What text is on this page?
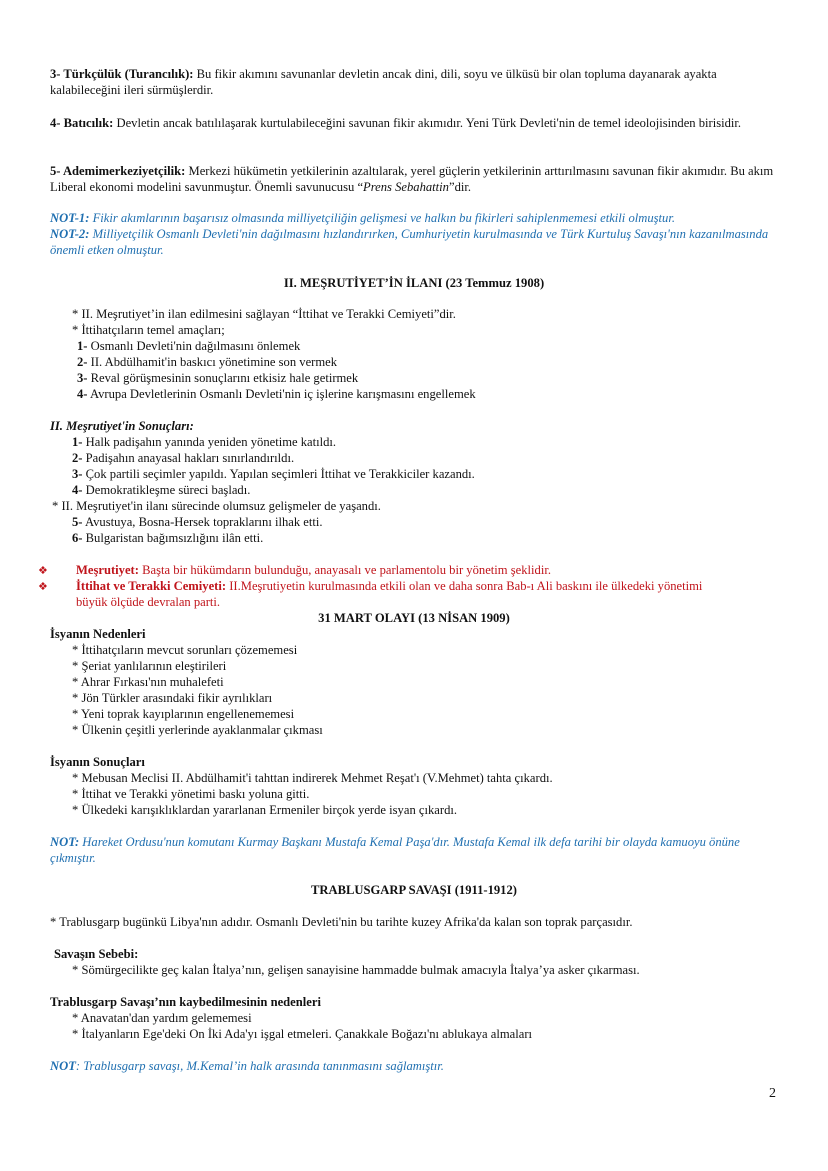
3- Türkçülük (Turancılık): Bu fikir akımını savunanlar devletin ancak dini, dili, soyu ve ülküsü bir olan topluma dayanarak ayakta kalabileceğini ileri sürmüşlerdir.

4- Batıcılık: Devletin ancak batılılaşarak kurtulabileceğini savunan fikir akımıdır. Yeni Türk Devleti'nin de temel ideolojisinden birisidir.

5- Ademimerkeziyetçilik: Merkezi hükümetin yetkilerinin azaltılarak, yerel güçlerin yetkilerinin arttırılmasını savunan fikir akımıdır. Bu akım Liberal ekonomi modelini savunmuştur. Önemli savunucusu “Prens Sebahattin”dir.

NOT-1: Fikir akımlarının başarısız olmasında milliyetçiliğin gelişmesi ve halkın bu fikirleri sahiplenmemesi etkili olmuştur.

NOT-2: Milliyetçilik Osmanlı Devleti'nin dağılmasını hızlandırırken, Cumhuriyetin kurulmasında ve Türk Kurtuluş Savaşı'nın kazanılmasında önemli etken olmuştur.

II. MEŞRUTİYET’İN İLANI (23 Temmuz 1908)
* II. Meşrutiyet’in ilan edilmesini sağlayan “İttihat ve Terakki Cemiyeti”dir.
* İttihatçıların temel amaçları;
1- Osmanlı Devleti'nin dağılmasını önlemek
2- II. Abdülhamit'in baskıcı yönetimine son vermek
3- Reval görüşmesinin sonuçlarını etkisiz hale getirmek
4- Avrupa Devletlerinin Osmanlı Devleti'nin iç işlerine karışmasını engellemek
II. Meşrutiyet'in Sonuçları:
1- Halk padişahın yanında yeniden yönetime katıldı.
2- Padişahın anayasal hakları sınırlandırıldı.
3- Çok partili seçimler yapıldı. Yapılan seçimleri İttihat ve Terakkiciler kazandı.
4- Demokratikleşme süreci başladı.
* II. Meşrutiyet'in ilanı sürecinde olumsuz gelişmeler de yaşandı.
5- Avustuya, Bosna-Hersek topraklarını ilhak etti.
6- Bulgaristan bağımsızlığını ilân etti.
❖ Meşrutiyet: Başta bir hükümdarın bulunduğu, anayasalı ve parlamentolu bir yönetim şeklidir.
❖ İttihat ve Terakki Cemiyeti: II.Meşrutiyetin kurulmasında etkili olan ve daha sonra Bab-ı Ali baskını ile ülkedeki yönetimi
büyük ölçüde devralan parti.
31 MART OLAYI (13 NİSAN 1909)
İsyanın Nedenleri
* İttihatçıların mevcut sorunları çözememesi
* Şeriat yanlılarının eleştirileri
* Ahrar Fırkası'nın muhalefeti
* Jön Türkler arasındaki fikir ayrılıkları
* Yeni toprak kayıplarının engellenememesi
* Ülkenin çeşitli yerlerinde ayaklanmalar çıkması
İsyanın Sonuçları
* Mebusan Meclisi II. Abdülhamit'i tahttan indirerek Mehmet Reşat'ı (V.Mehmet) tahta çıkardı.
* İttihat ve Terakki yönetimi baskı yoluna gitti.
* Ülkedeki karışıklıklardan yararlanan Ermeniler birçok yerde isyan çıkardı.

NOT: Hareket Ordusu'nun komutanı Kurmay Başkanı Mustafa Kemal Paşa'dır. Mustafa Kemal ilk defa tarihi bir olayda kamuoyu önüne çıkmıştır.

TRABLUSGARP SAVAŞI (1911-1912)
* Trablusgarp bugünkü Libya'nın adıdır. Osmanlı Devleti'nin bu tarihte kuzey Afrika'da kalan son toprak parçasıdır.
Savaşın Sebebi:
* Sömürgecilikte geç kalan İtalya’nın, gelişen sanayisine hammadde bulmak amacıyla İtalya’ya asker çıkarması.
Trablusgarp Savaşı’nın kaybedilmesinin nedenleri
* Anavatan'dan yardım gelememesi
* İtalyanların Ege'deki On İki Ada'yı işgal etmeleri. Çanakkale Boğazı'nı ablukaya almaları
NOT: Trablusgarp savaşı, M.Kemal’in halk arasında tanınmasını sağlamıştır.
2
